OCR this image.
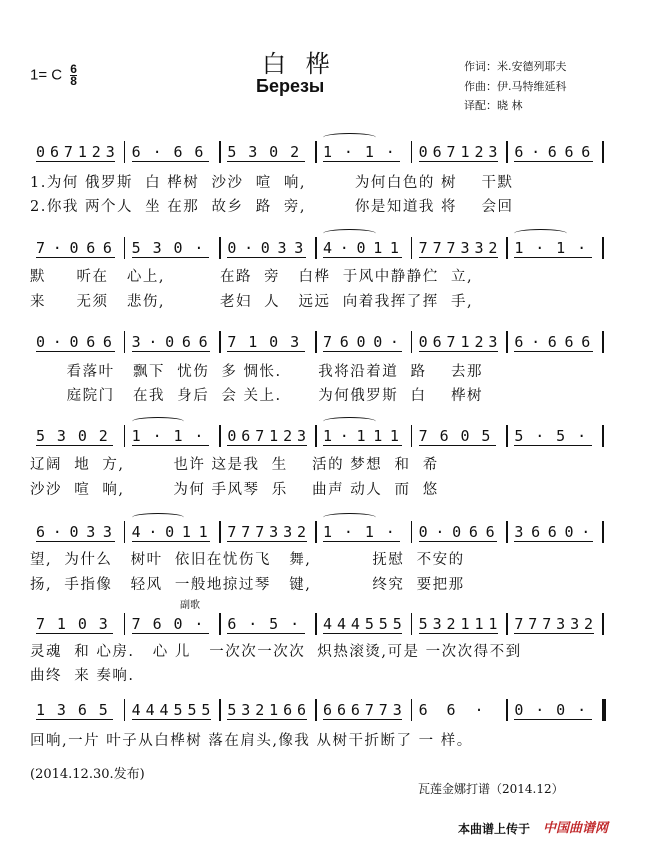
白 桦
Березы
1= C $\frac{6}{8}$	作词：米.安德列耶夫
作曲：伊.马特维延科
译配：晓 林
0 6 7 1 2 3 6 · 6 6 5 3 0 2 1 · 1 · 0 6 7 1 2 3 6 · 6 6 6
1.为何 俄罗斯  白 桦树  沙沙  喧  响,        为何白色的 树    干默
2.你我 两个人  坐 在那  故乡  路  旁,        你是知道我 将    会回
7 · 0 6 6 5 3 0 · 0 · 0 3 3 4 · 0 1 1 7 7 7 3 3 2 1 · 1 ·
默     听在   心上,         在路  旁   白桦  于风中静静伫  立,
来     无须   悲伤,         老妇  人   远远  向着我挥了挥  手,
0 · 0 6 6 3 · 0 6 6 7 1 0 3 7 6 0 0 · 0 6 7 1 2 3 6 · 6 6 6
看落叶   飘下  忧伤  多 惆怅.      我将沿着道  路    去那
庭院门   在我  身后  会 关上.      为何俄罗斯  白    桦树
5 3 0 2 1 · 1 · 0 6 7 1 2 3 1 · 1 1 1 7 6 0 5 5 · 5 ·
辽阔  地  方,        也许 这是我  生    活的 梦想  和  希
沙沙  喧  响,        为何 手风琴  乐    曲声 动人  而  悠
6 · 0 3 3 4 · 0 1 1 7 7 7 3 3 2 1 · 1 · 0 · 0 6 6 3 6 6 0 ·
望,  为什么   树叶  依旧在忧伤飞   舞,          抚慰  不安的
扬,  手指像   轻风  一般地掠过琴   键,          终究  要把那
7 1 0 3 7 6 0 · 6 · 5 · 4 4 4 5 5 5 5 3 2 1 1 1 7 7 7 3 3 2
灵魂  和 心房.   心 儿   一次次一次次  炽热滚烫,可是 一次次得不到
曲终  来 奏响.
1 3 6 5 4 4 4 5 5 5 5 3 2 1 6 6 6 6 6 7 7 3 6 6 · 0 · 0 ·
回响,一片 叶子从白桦树 落在肩头,像我 从树干折断了 一 样。
副歌
(2014.12.30.发布)
瓦莲金娜打谱（2014.12）
本曲谱上传于 中国曲谱网
